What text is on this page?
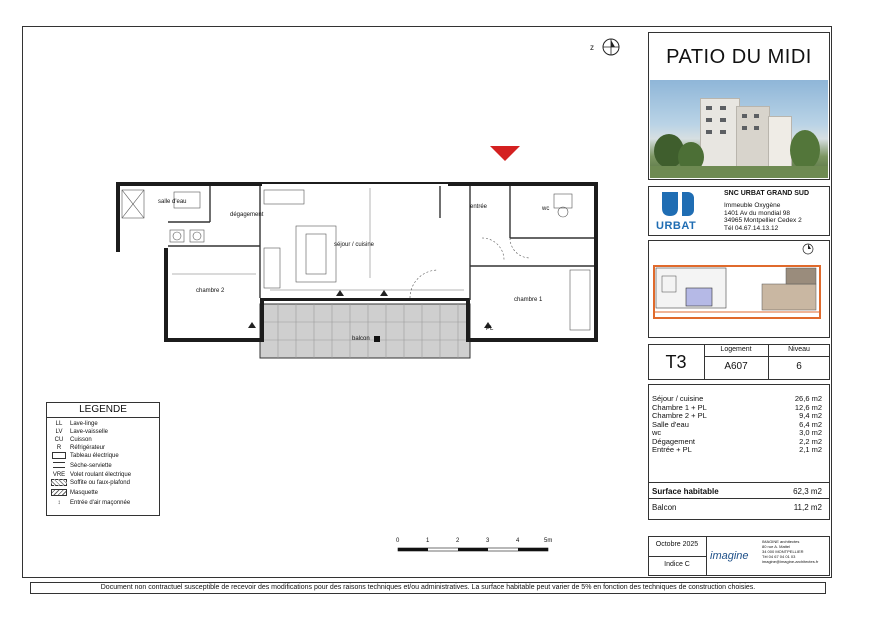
z	PATIO DU MIDI
URBAT
SNC URBAT GRAND SUD
Immeuble Oxygène
1401 Av du mondial 98
34965 Montpellier Cedex 2
Tél 04.67.14.13.12
T3
Logement	Niveau
A607	6
Séjour / cuisine	26,6 m2
Chambre 1 + PL	12,6 m2
Chambre 2 + PL	9,4 m2
Salle d'eau	6,4 m2
wc	3,0 m2
Dégagement	2,2 m2
Entrée + PL	2,1 m2
Surface habitable	62,3 m2
Balcon	11,2 m2
Octobre 2025
Indice C
imagine
IMAGINE architectes
80 rue A. Mattel
34 000 MONTPELLIER
Tél 04 67 04 01 03
imagine@imagine-architectes.fr
LEGENDE
LL	Lave-linge
LV	Lave-vaisselle
CU	Cuisson
R	Réfrigérateur
Tableau électrique
Sèche-serviette
VRE Volet roulant électrique
Soffite ou faux-plafond
Masquette
↕	Entrée d'air maçonnée
salle d'eau
dégagement
séjour / cuisine
chambre 2
chambre 1
entrée	wc
balcon
PL
0	1	2	3	4	5m
Document non contractuel susceptible de recevoir des modifications pour des raisons techniques et/ou administratives. La surface habitable peut varier de 5% en fonction des techniques de construction choisies.
